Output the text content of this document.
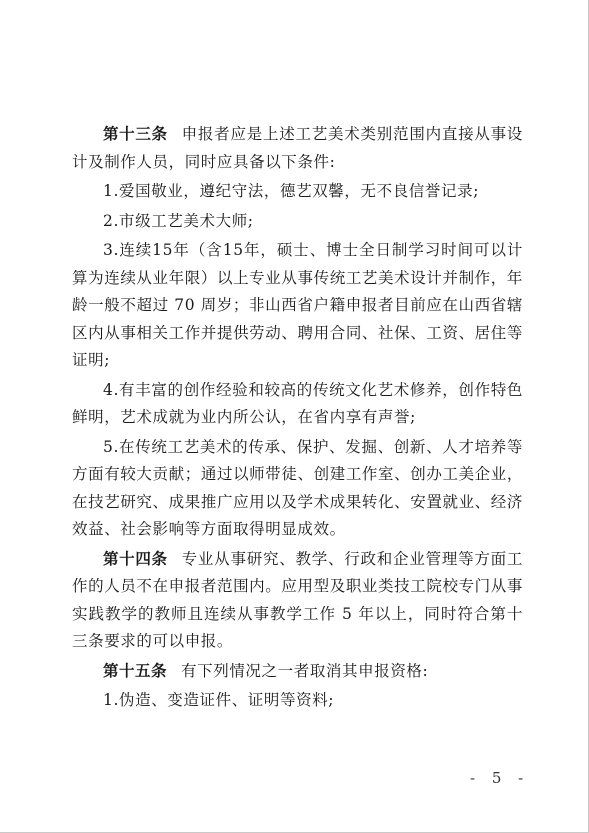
第十三条 申报者应是上述工艺美术类别范围内直接从事设计及制作人员，同时应具备以下条件:

1.爱国敬业，遵纪守法，德艺双馨，无不良信誉记录;

2.市级工艺美术大师;

3.连续15年（含15年，硕士、博士全日制学习时间可以计算为连续从业年限）以上专业从事传统工艺美术设计并制作，年龄一般不超过 70 周岁；非山西省户籍申报者目前应在山西省辖区内从事相关工作并提供劳动、聘用合同、社保、工资、居住等证明;

4.有丰富的创作经验和较高的传统文化艺术修养，创作特色鲜明，艺术成就为业内所公认，在省内享有声誉;

5.在传统工艺美术的传承、保护、发掘、创新、人才培养等方面有较大贡献；通过以师带徒、创建工作室、创办工美企业，在技艺研究、成果推广应用以及学术成果转化、安置就业、经济效益、社会影响等方面取得明显成效。

第十四条 专业从事研究、教学、行政和企业管理等方面工作的人员不在申报者范围内。应用型及职业类技工院校专门从事实践教学的教师且连续从事教学工作 5 年以上，同时符合第十三条要求的可以申报。

第十五条 有下列情况之一者取消其申报资格:

1.伪造、变造证件、证明等资料;

- 5 -
